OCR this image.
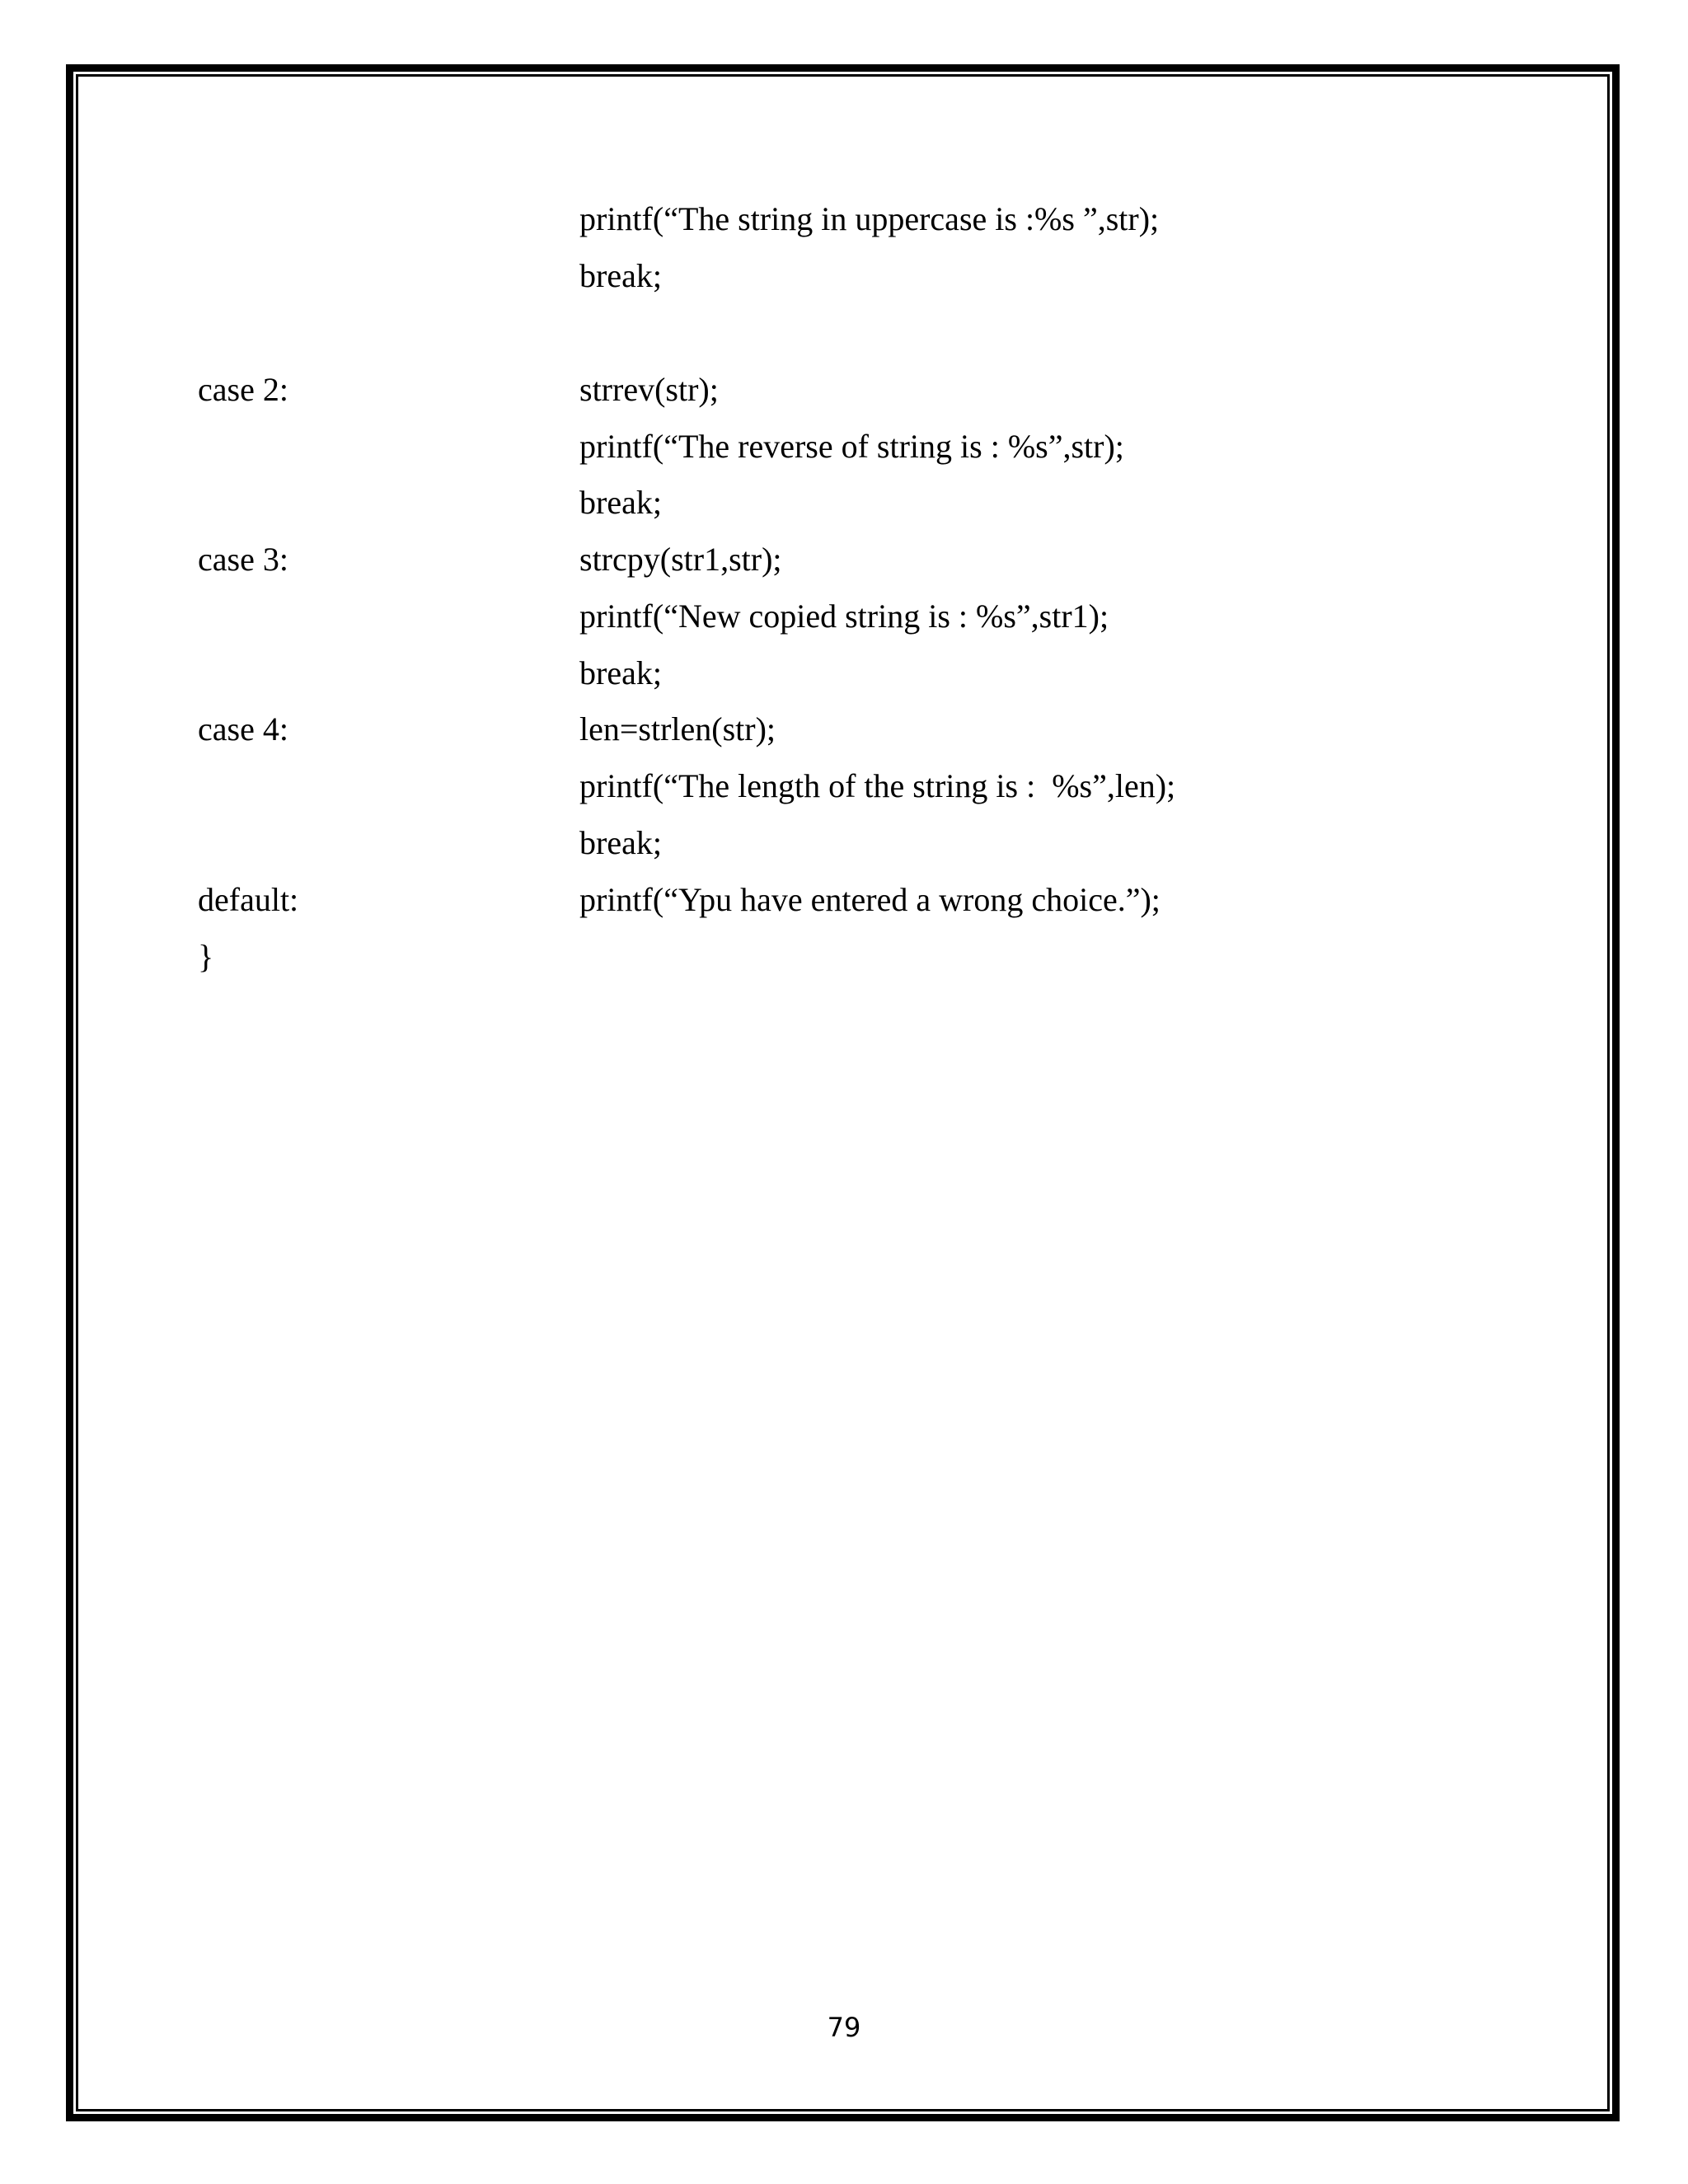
printf(“The string in uppercase is :%s ”,str);
break;
case 2:	strrev(str);
printf(“The reverse of string is : %s”,str);
break;
case 3:	strcpy(str1,str);
printf(“New copied string is : %s”,str1);
break;
case 4:	len=strlen(str);
printf(“The length of the string is :  %s”,len);
break;
default:	printf(“Ypu have entered a wrong choice.”);
}
79
